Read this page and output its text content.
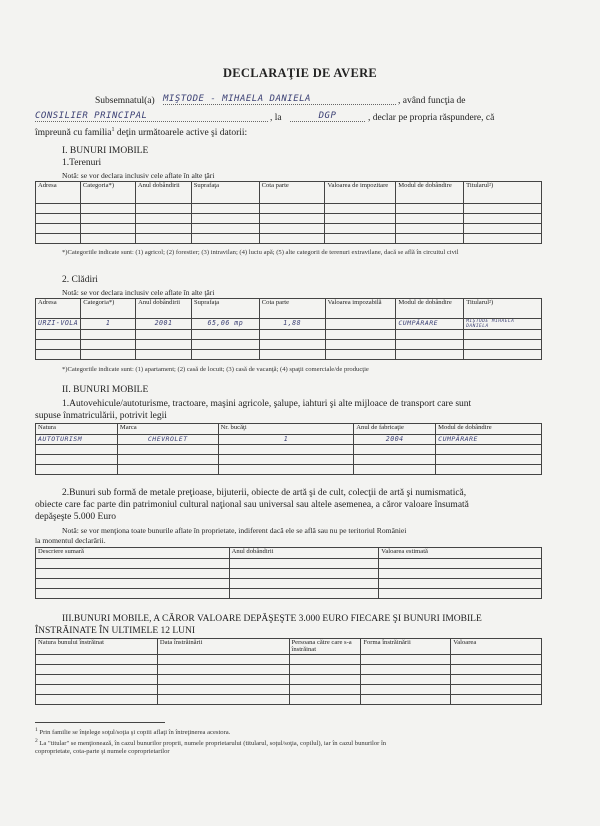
DECLARAŢIE DE AVERE
Subsemnatul(a) MIŞTODE - MIHAELA DANIELA	, având funcţia de
CONSILIER PRINCIPAL	, la	DGP	, declar pe propria răspundere, că
împreună cu familia$^1$ deţin următoarele active şi datorii:
I. BUNURI IMOBILE
1.Terenuri
Notă: se vor declara inclusiv cele aflate în alte ţări
Adresa	Categoria*)	Anul dobândirii	Suprafaţa	Cota parte	Valoarea de impozitare	Modul de dobândire	Titularul²)

*)Categoriile indicate sunt: (1) agricol; (2) forestier; (3) intravilan; (4) luciu apă; (5) alte categorii de terenuri extravilane, dacă se află în circuitul civil
2. Clădiri
Notă: se vor declara inclusiv cele aflate în alte ţări
Adresa	Categoria*)	Anul dobândirii	Suprafaţa	Cota parte	Valoarea impozabilă	Modul de dobândire	Titularul²)
URZI-VOLA	1	2001	65,06 mp	1,88		CUMPĂRARE	MIŞTODE MIHAELA DANIELA

*)Categoriile indicate sunt: (1) apartament; (2) casă de locuit; (3) casă de vacanţă; (4) spaţii comerciale/de producţie
II. BUNURI MOBILE
1.Autovehicule/autoturisme, tractoare, maşini agricole, şalupe, iahturi şi alte mijloace de transport care sunt
supuse înmatriculării, potrivit legii
Natura	Marca	Nr. bucăţi	Anul de fabricaţie	Modul de dobândire
AUTOTURISM	CHEVROLET	1	2004	CUMPĂRARE

2.Bunuri sub formă de metale preţioase, bijuterii, obiecte de artă şi de cult, colecţii de artă şi numismatică,
obiecte care fac parte din patrimoniul cultural naţional sau universal sau altele asemenea, a căror valoare însumată
depăşeşte 5.000 Euro
Notă: se vor menţiona toate bunurile aflate în proprietate, indiferent dacă ele se află sau nu pe teritoriul României
la momentul declarării.
Descriere sumară	Anul dobândirii	Valoarea estimată

III.BUNURI MOBILE, A CĂROR VALOARE DEPĂŞEŞTE 3.000 EURO FIECARE ŞI BUNURI IMOBILE
ÎNSTRĂINATE ÎN ULTIMELE 12 LUNI
Natura bunului înstrăinat	Data înstrăinării	Persoana către care s-a înstrăinat	Forma înstrăinării	Valoarea

$^1$ Prin familie se înţelege soţul/soţia şi copiii aflaţi în întreţinerea acestora.
$^2$ La "titular" se menţionează, în cazul bunurilor proprii, numele proprietarului (titularul, soţul/soţia, copilul), iar în cazul bunurilor în
coproprietate, cota-parte şi numele coproprietarilor
